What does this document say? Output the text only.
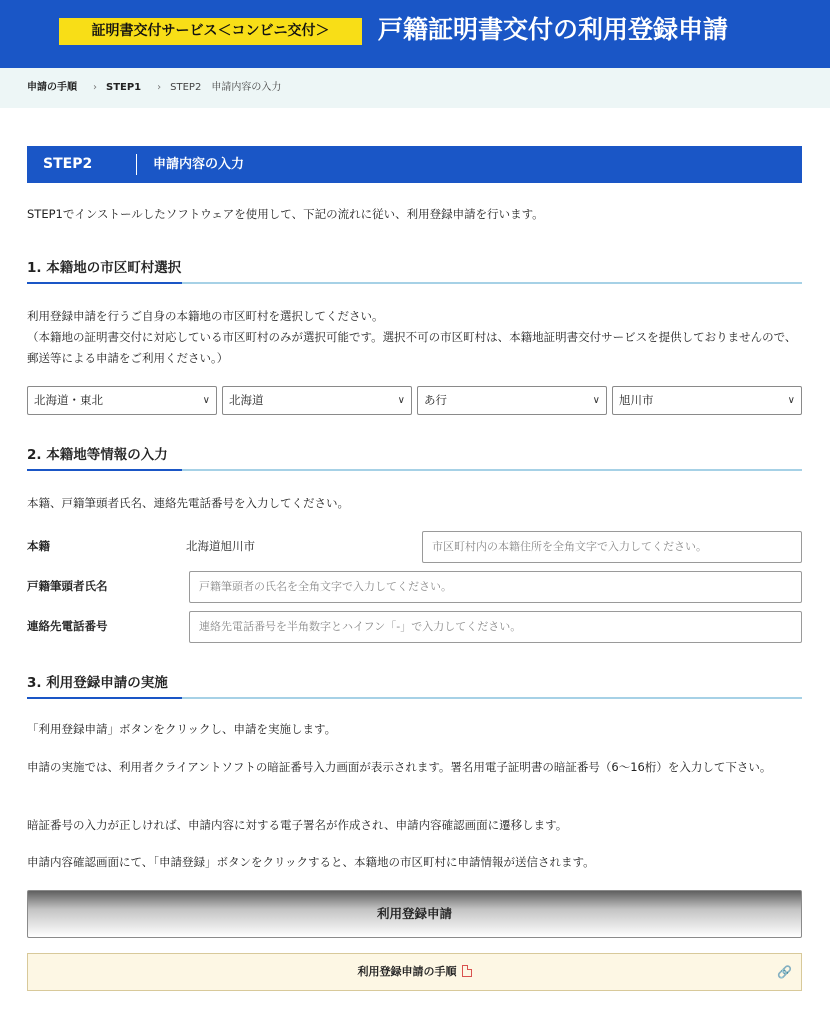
証明書交付サービス＜コンビニ交付＞	戸籍証明書交付の利用登録申請
申請の手順 › STEP1 › STEP2　申請内容の入力
STEP2	申請内容の入力
STEP1でインストールしたソフトウェアを使用して、下記の流れに従い、利用登録申請を行います。
1. 本籍地の市区町村選択
利用登録申請を行うご自身の本籍地の市区町村を選択してください。
（本籍地の証明書交付に対応している市区町村のみが選択可能です。選択不可の市区町村は、本籍地証明書交付サービスを提供しておりませんので、郵送等による申請をご利用ください。）
北海道・東北	∨	北海道	∨	あ行	∨	旭川市	∨
2. 本籍地等情報の入力
本籍、戸籍筆頭者氏名、連絡先電話番号を入力してください。
本籍	北海道旭川市	市区町村内の本籍住所を全角文字で入力してください。
戸籍筆頭者氏名	戸籍筆頭者の氏名を全角文字で入力してください。
連絡先電話番号	連絡先電話番号を半角数字とハイフン「-」で入力してください。
3. 利用登録申請の実施
「利用登録申請」ボタンをクリックし、申請を実施します。
申請の実施では、利用者クライアントソフトの暗証番号入力画面が表示されます。署名用電子証明書の暗証番号（6〜16桁）を入力して下さい。
暗証番号の入力が正しければ、申請内容に対する電子署名が作成され、申請内容確認画面に遷移します。
申請内容確認画面にて、「申請登録」ボタンをクリックすると、本籍地の市区町村に申請情報が送信されます。
利用登録申請
利用登録申請の手順	🔗
